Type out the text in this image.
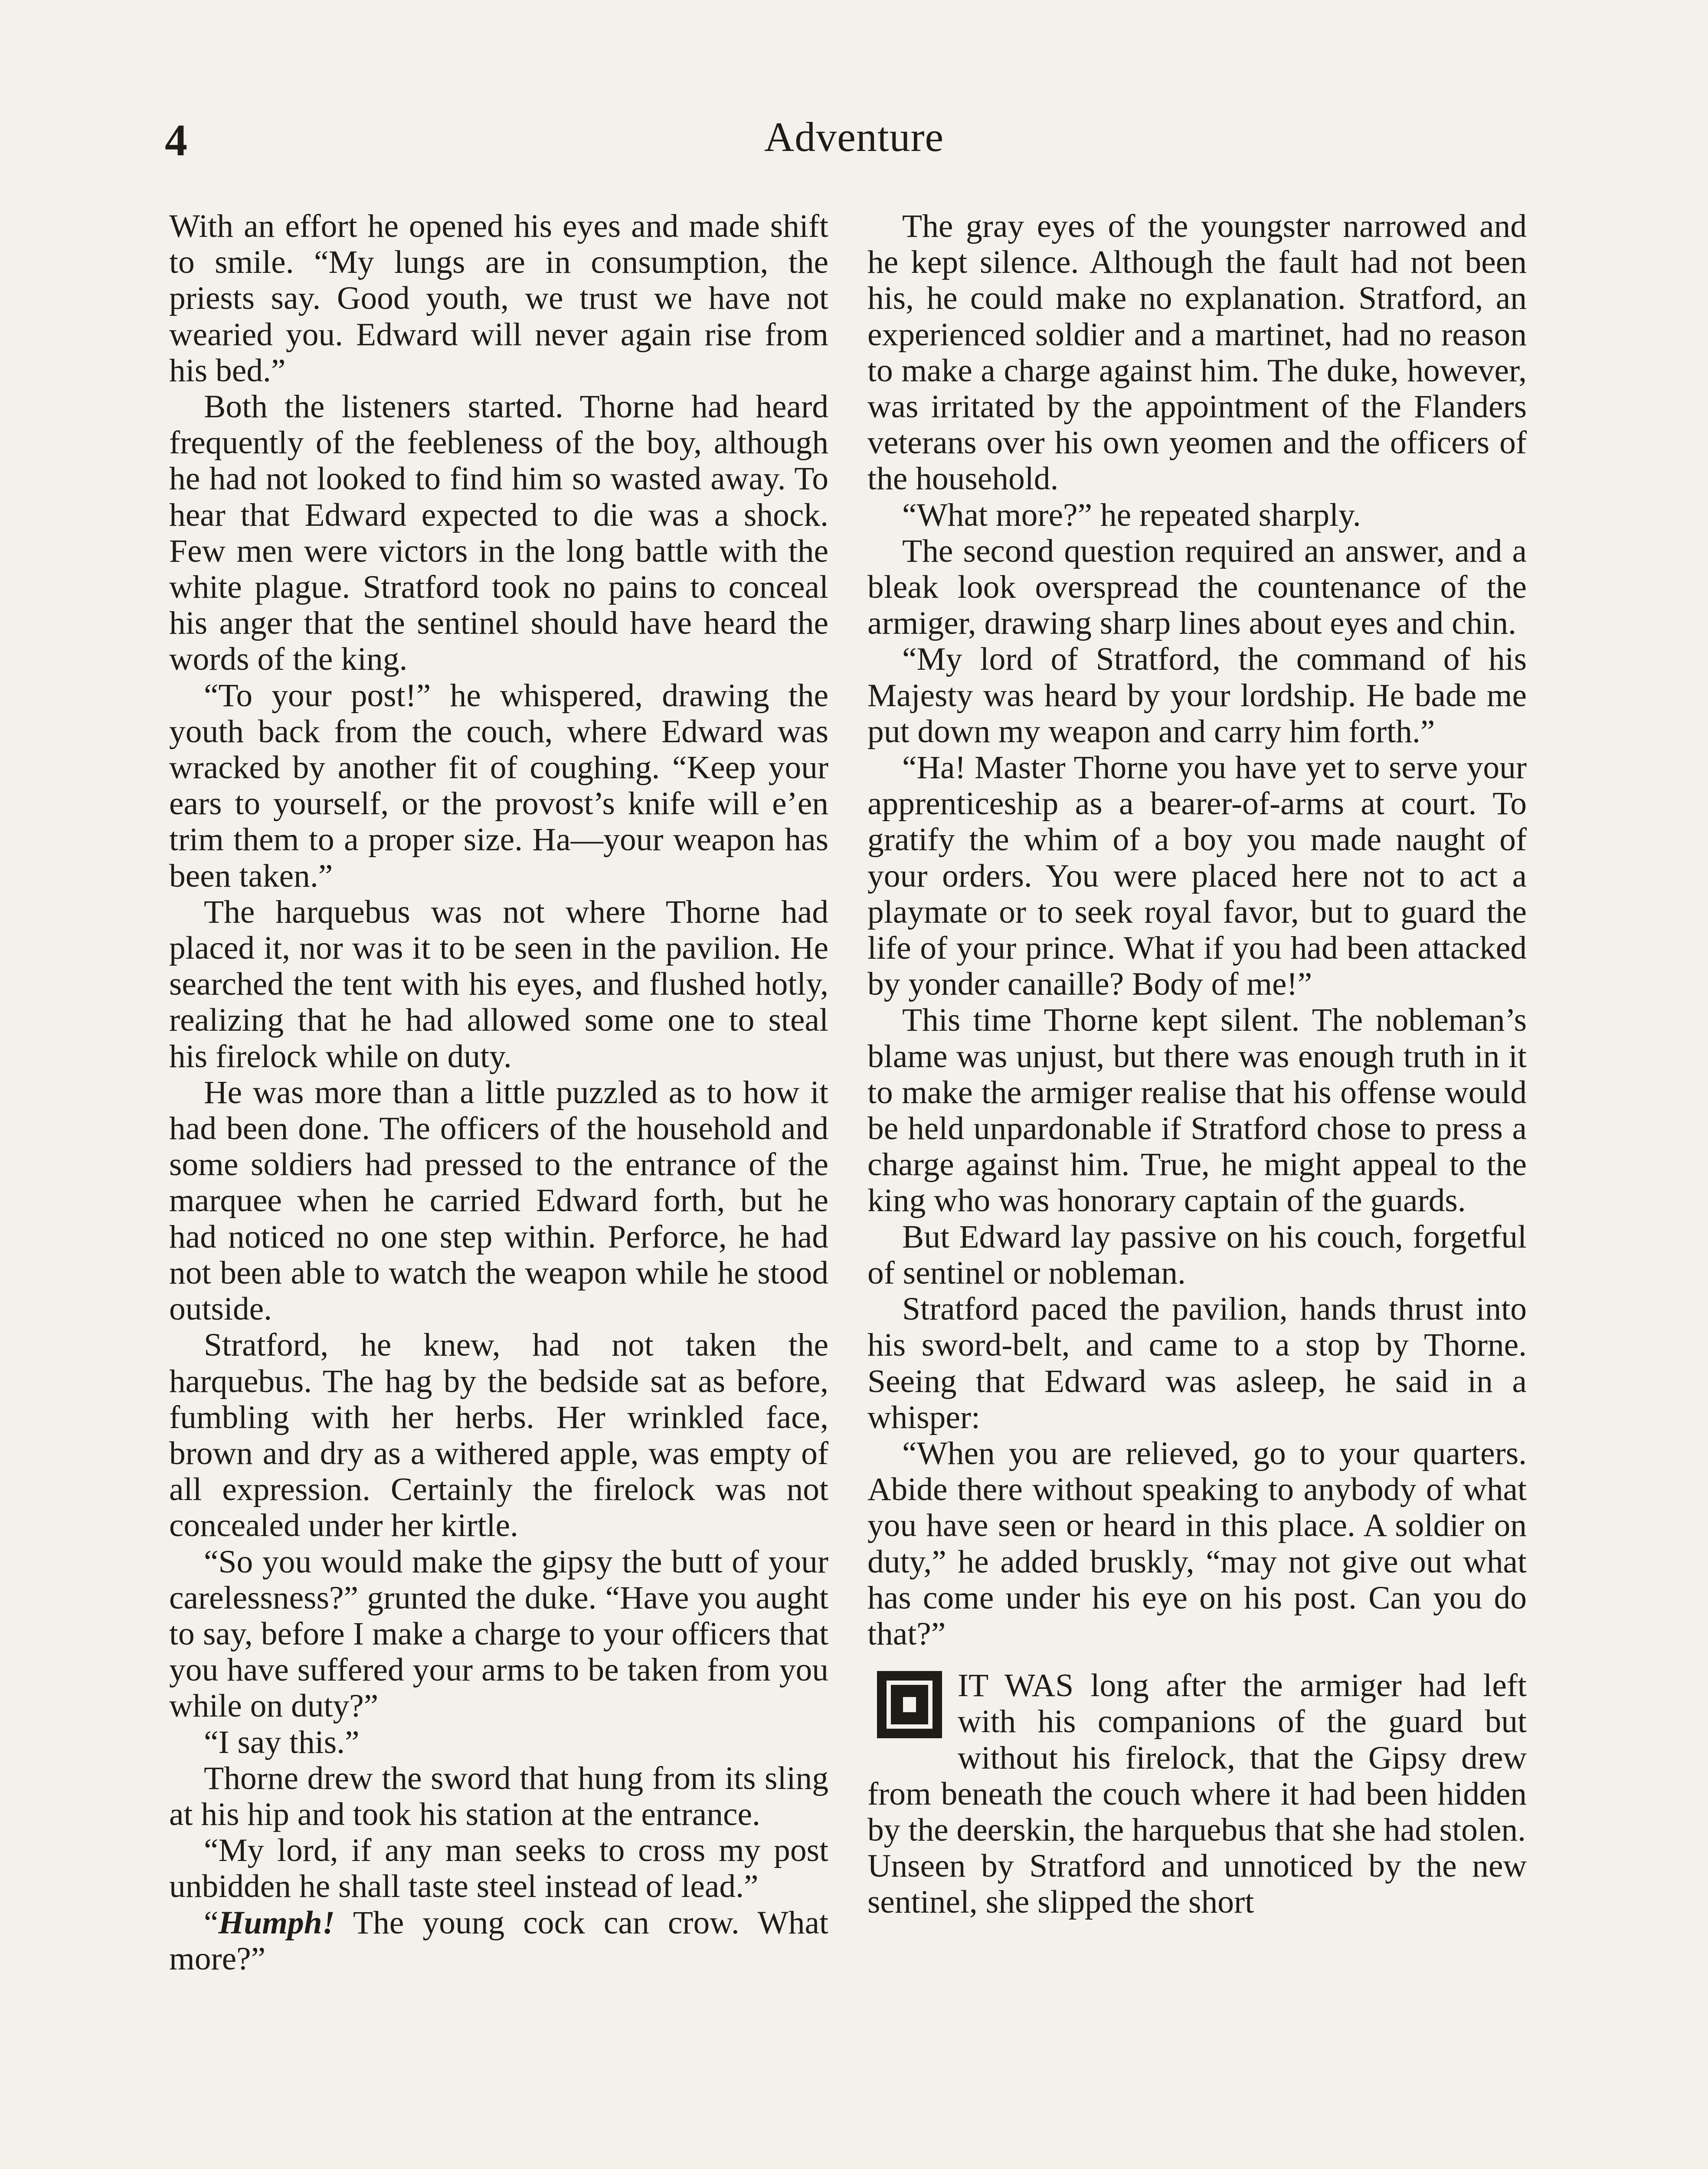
4	Adventure

With an effort he opened his eyes and made shift to smile. “My lungs are in consumption, the priests say. Good youth, we trust we have not wearied you. Edward will never again rise from his bed.”

Both the listeners started. Thorne had heard frequently of the feebleness of the boy, although he had not looked to find him so wasted away. To hear that Edward expected to die was a shock. Few men were victors in the long battle with the white plague. Stratford took no pains to conceal his anger that the sentinel should have heard the words of the king.

“To your post!” he whispered, drawing the youth back from the couch, where Edward was wracked by another fit of coughing. “Keep your ears to yourself, or the provost’s knife will e’en trim them to a proper size. Ha—your weapon has been taken.”

The harquebus was not where Thorne had placed it, nor was it to be seen in the pavilion. He searched the tent with his eyes, and flushed hotly, realizing that he had allowed some one to steal his firelock while on duty.

He was more than a little puzzled as to how it had been done. The officers of the household and some soldiers had pressed to the entrance of the marquee when he carried Edward forth, but he had noticed no one step within. Perforce, he had not been able to watch the weapon while he stood outside.

Stratford, he knew, had not taken the harquebus. The hag by the bedside sat as before, fumbling with her herbs. Her wrinkled face, brown and dry as a withered apple, was empty of all expression. Certainly the firelock was not concealed under her kirtle.

“So you would make the gipsy the butt of your carelessness?” grunted the duke. “Have you aught to say, before I make a charge to your officers that you have suffered your arms to be taken from you while on duty?”

“I say this.”

Thorne drew the sword that hung from its sling at his hip and took his station at the entrance.

“My lord, if any man seeks to cross my post unbidden he shall taste steel instead of lead.”

“Humph! The young cock can crow. What more?”

The gray eyes of the youngster narrowed and he kept silence. Although the fault had not been his, he could make no explanation. Stratford, an experienced soldier and a martinet, had no reason to make a charge against him. The duke, however, was irritated by the appointment of the Flanders veterans over his own yeomen and the officers of the household.

“What more?” he repeated sharply.

The second question required an answer, and a bleak look overspread the countenance of the armiger, drawing sharp lines about eyes and chin.

“My lord of Stratford, the command of his Majesty was heard by your lordship. He bade me put down my weapon and carry him forth.”

“Ha! Master Thorne you have yet to serve your apprenticeship as a bearer-of-arms at court. To gratify the whim of a boy you made naught of your orders. You were placed here not to act a playmate or to seek royal favor, but to guard the life of your prince. What if you had been attacked by yonder canaille? Body of me!”

This time Thorne kept silent. The nobleman’s blame was unjust, but there was enough truth in it to make the armiger realise that his offense would be held unpardonable if Stratford chose to press a charge against him. True, he might appeal to the king who was honorary captain of the guards.

But Edward lay passive on his couch, forgetful of sentinel or nobleman.

Stratford paced the pavilion, hands thrust into his sword-belt, and came to a stop by Thorne. Seeing that Edward was asleep, he said in a whisper:

“When you are relieved, go to your quarters. Abide there without speaking to anybody of what you have seen or heard in this place. A soldier on duty,” he added bruskly, “may not give out what has come under his eye on his post. Can you do that?”

IT WAS long after the armiger had left with his companions of the guard but without his firelock, that the Gipsy drew from beneath the couch where it had been hidden by the deerskin, the harquebus that she had stolen.

Unseen by Stratford and unnoticed by the new sentinel, she slipped the short
